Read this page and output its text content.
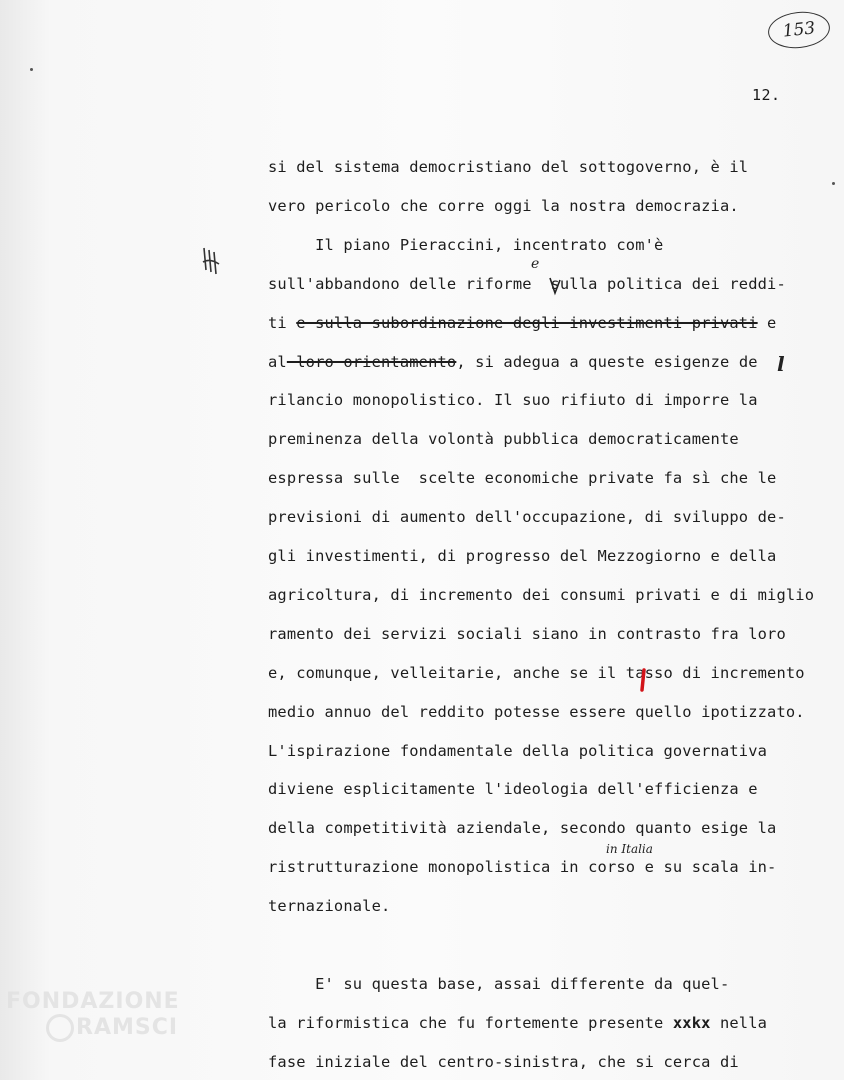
153
12.
si del sistema democristiano del sottogoverno, è il
vero pericolo che corre oggi la nostra democrazia.
Il piano Pieraccini, incentrato com'è
sull'abbandono delle riforme  sulla politica dei reddi-
ti e sulla subordinazione degli investimenti privati e
al loro orientamento, si adegua a queste esigenze de
rilancio monopolistico. Il suo rifiuto di imporre la
preminenza della volontà pubblica democraticamente
espressa sulle  scelte economiche private fa sì che le
previsioni di aumento dell'occupazione, di sviluppo de-
gli investimenti, di progresso del Mezzogiorno e della
agricoltura, di incremento dei consumi privati e di miglio
ramento dei servizi sociali siano in contrasto fra loro
e, comunque, velleitarie, anche se il tasso di incremento
medio annuo del reddito potesse essere quello ipotizzato.
L'ispirazione fondamentale della politica governativa
diviene esplicitamente l'ideologia dell'efficienza e
della competitività aziendale, secondo quanto esige la
ristrutturazione monopolistica in corso e su scala in-
ternazionale.
E' su questa base, assai differente da quel-
la riformistica che fu fortemente presente xxkx nella
fase iniziale del centro-sinistra, che si cerca di
e
l
in Italia
FONDAZIONE
RAMSCI
